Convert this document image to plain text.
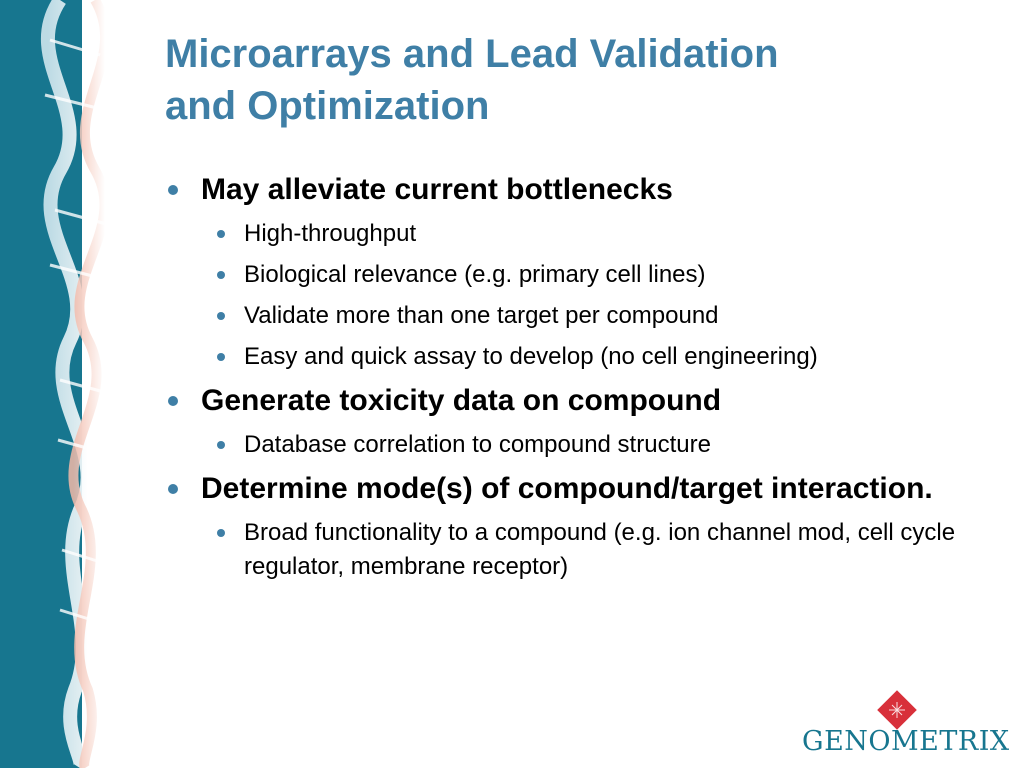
Microarrays and Lead Validation
and Optimization
May alleviate current bottlenecks
High-throughput
Biological relevance (e.g. primary cell lines)
Validate more than one target per compound
Easy and quick assay to develop (no cell engineering)
Generate toxicity data on compound
Database correlation to compound structure
Determine mode(s) of compound/target interaction.
Broad functionality to a compound (e.g. ion channel mod, cell cycle regulator, membrane receptor)
GENOMETRIX
